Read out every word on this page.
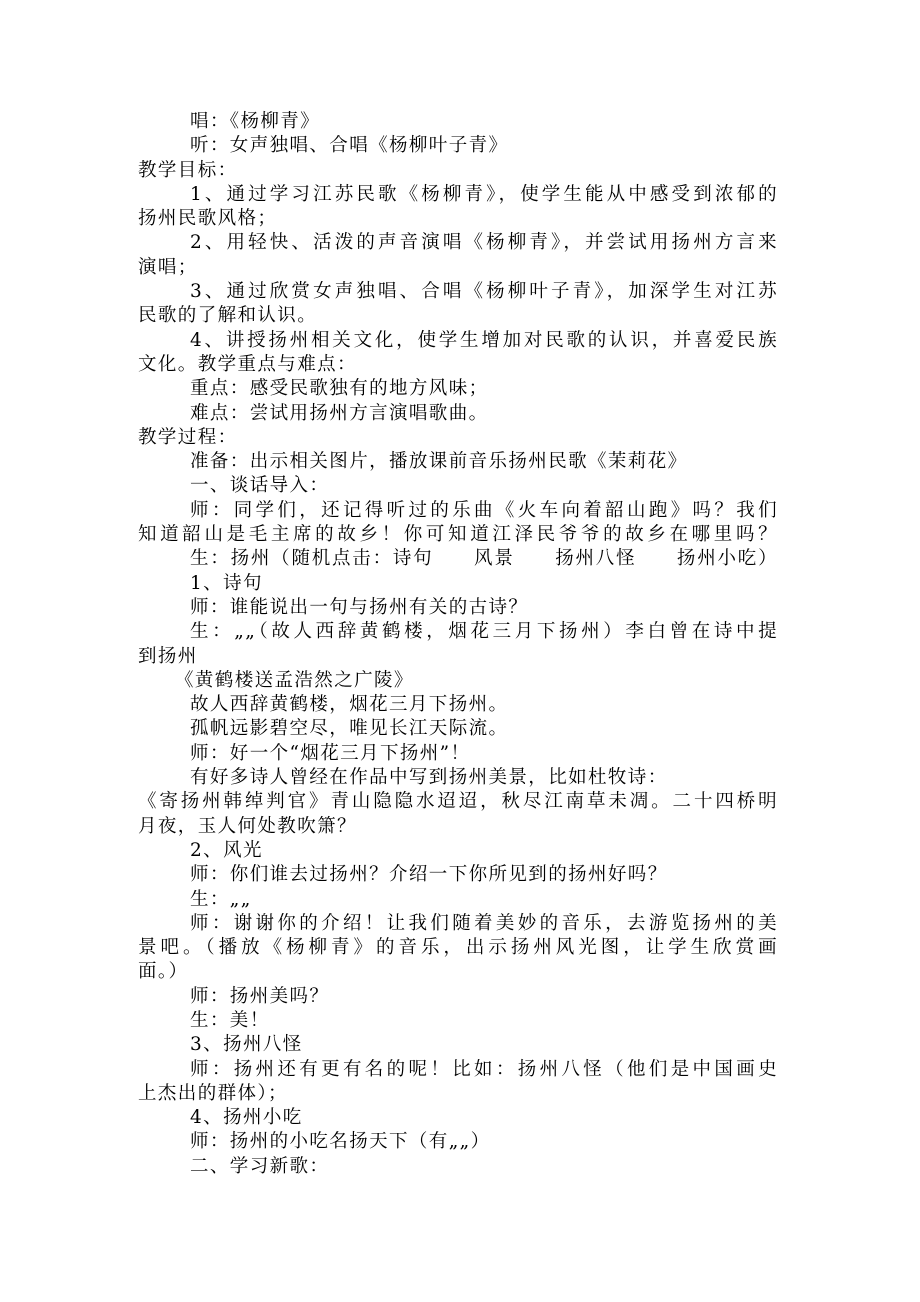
唱：《杨柳青》
听：女声独唱、合唱《杨柳叶子青》
教学目标：
1、通过学习江苏民歌《杨柳青》，使学生能从中感受到浓郁的
扬州民歌风格；
2、用轻快、活泼的声音演唱《杨柳青》，并尝试用扬州方言来
演唱；
3、通过欣赏女声独唱、合唱《杨柳叶子青》，加深学生对江苏
民歌的了解和认识。
4、讲授扬州相关文化，使学生增加对民歌的认识，并喜爱民族
文化。教学重点与难点：
重点：感受民歌独有的地方风味；
难点：尝试用扬州方言演唱歌曲。
教学过程：
准备：出示相关图片，播放课前音乐扬州民歌《茉莉花》
一、谈话导入：
师：同学们，还记得听过的乐曲《火车向着韶山跑》吗？我们
知道韶山是毛主席的故乡！你可知道江泽民爷爷的故乡在哪里吗？
生：扬州（随机点击：诗句　　风景　　扬州八怪　　扬州小吃）
1、诗句
师：谁能说出一句与扬州有关的古诗？
生：„„（故人西辞黄鹤楼，烟花三月下扬州）李白曾在诗中提
到扬州
《黄鹤楼送孟浩然之广陵》
故人西辞黄鹤楼，烟花三月下扬州。
孤帆远影碧空尽，唯见长江天际流。
师：好一个“烟花三月下扬州”！
有好多诗人曾经在作品中写到扬州美景，比如杜牧诗：
《寄扬州韩绰判官》青山隐隐水迢迢，秋尽江南草未凋。二十四桥明
月夜，玉人何处教吹箫？
2、风光
师：你们谁去过扬州？介绍一下你所见到的扬州好吗？
生：„„
师：谢谢你的介绍！让我们随着美妙的音乐，去游览扬州的美
景吧。（播放《杨柳青》的音乐，出示扬州风光图，让学生欣赏画
面。）
师：扬州美吗？
生：美！
3、扬州八怪
师：扬州还有更有名的呢！比如：扬州八怪（他们是中国画史
上杰出的群体）；
4、扬州小吃
师：扬州的小吃名扬天下（有„„）
二、学习新歌：
